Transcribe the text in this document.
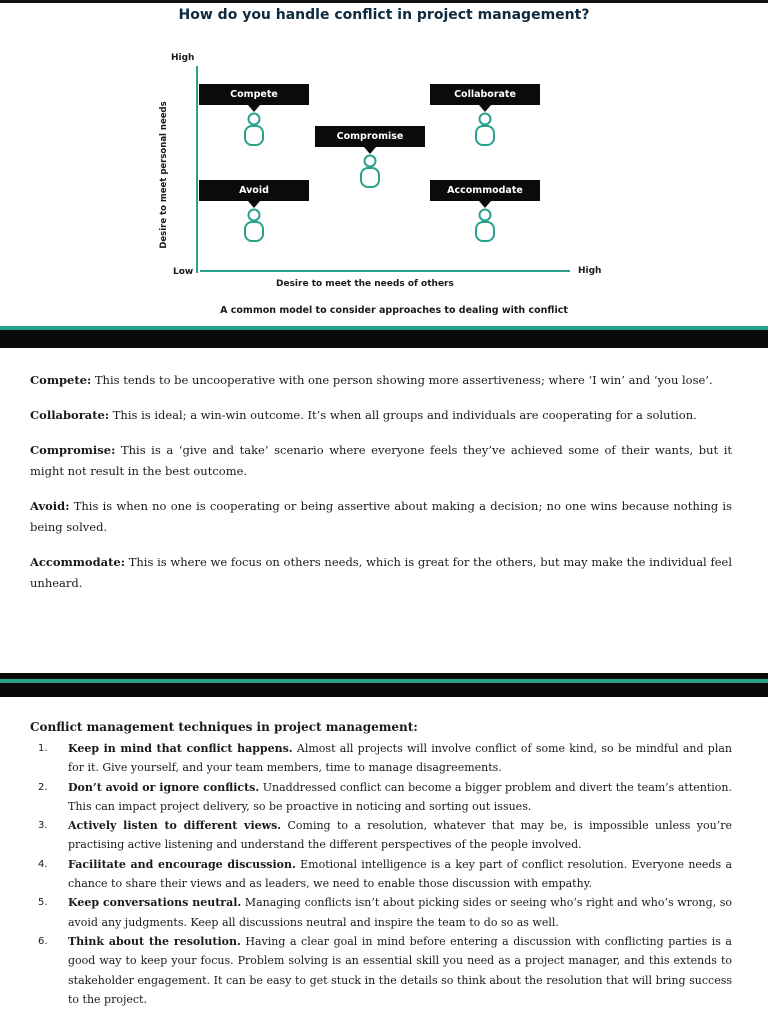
How do you handle conflict in project management?
High
Desire to meet personal needs
Low	High
Desire to meet the needs of others
Compete	Collaborate
Compromise
Avoid	Accommodate
A common model to consider approaches to dealing with conflict

Compete: This tends to be uncooperative with one person showing more assertiveness; where ‘I win’ and ‘you lose’.

Collaborate: This is ideal; a win-win outcome. It’s when all groups and individuals are cooperating for a solution.

Compromise: This is a ‘give and take’ scenario where everyone feels they’ve achieved some of their wants, but it might not result in the best outcome.

Avoid: This is when no one is cooperating or being assertive about making a decision; no one wins because nothing is being solved.

Accommodate: This is where we focus on others needs, which is great for the others, but may make the individual feel unheard.

Conflict management techniques in project management:
1. Keep in mind that conflict happens. Almost all projects will involve conflict of some kind, so be mindful and plan for it. Give yourself, and your team members, time to manage disagreements.
2. Don’t avoid or ignore conflicts. Unaddressed conflict can become a bigger problem and divert the team’s attention. This can impact project delivery, so be proactive in noticing and sorting out issues.
3. Actively listen to different views. Coming to a resolution, whatever that may be, is impossible unless you’re practising active listening and understand the different perspectives of the people involved.
4. Facilitate and encourage discussion. Emotional intelligence is a key part of conflict resolution. Everyone needs a chance to share their views and as leaders, we need to enable those discussion with empathy.
5. Keep conversations neutral. Managing conflicts isn’t about picking sides or seeing who’s right and who’s wrong, so avoid any judgments. Keep all discussions neutral and inspire the team to do so as well.
6. Think about the resolution. Having a clear goal in mind before entering a discussion with conflicting parties is a good way to keep your focus. Problem solving is an essential skill you need as a project manager, and this extends to stakeholder engagement. It can be easy to get stuck in the details so think about the resolution that will bring success to the project.
